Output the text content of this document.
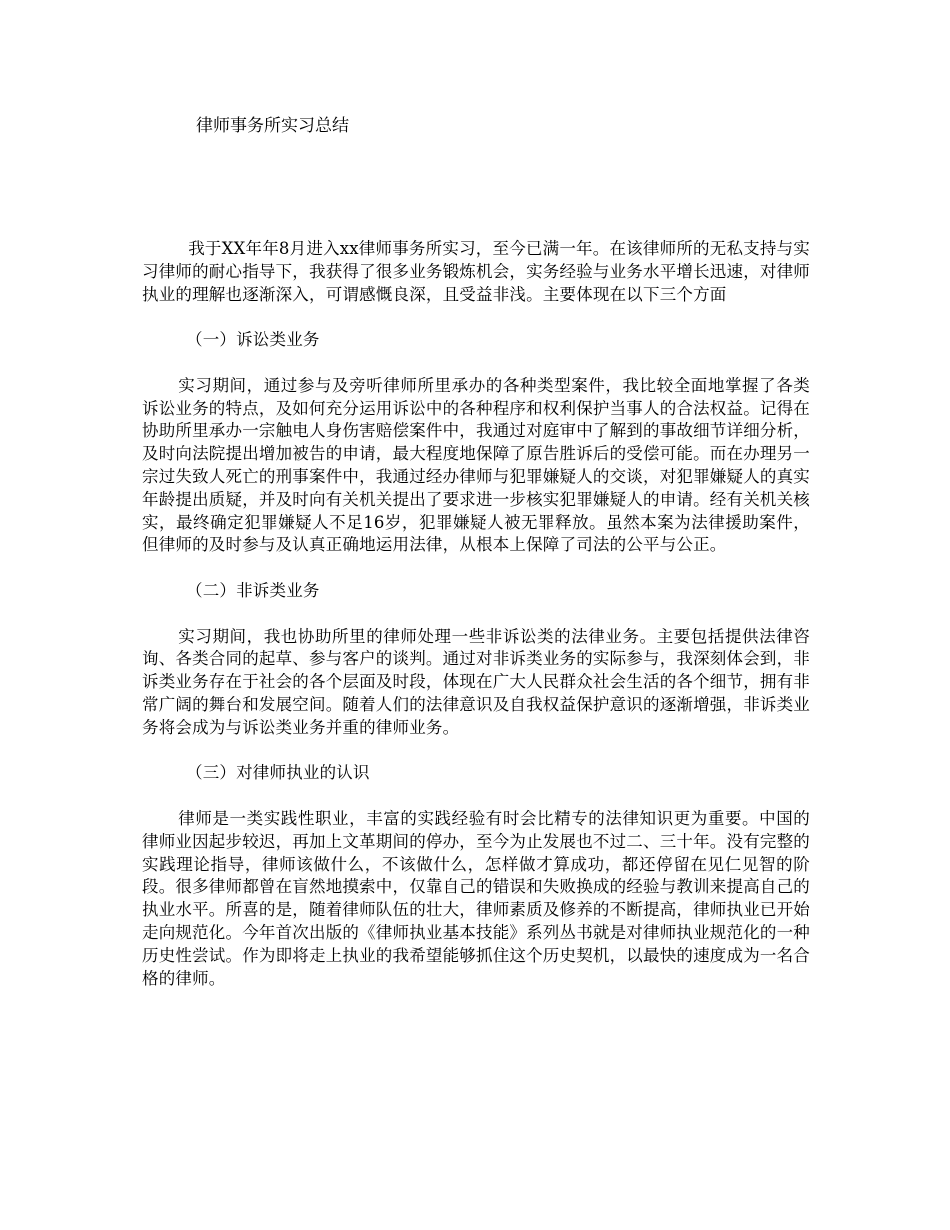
律师事务所实习总结

我于XX年年8月进入xx律师事务所实习，至今已满一年。在该律师所的无私支持与实习律师的耐心指导下，我获得了很多业务锻炼机会，实务经验与业务水平增长迅速，对律师执业的理解也逐渐深入，可谓感慨良深，且受益非浅。主要体现在以下三个方面

（一）诉讼类业务

实习期间，通过参与及旁听律师所里承办的各种类型案件，我比较全面地掌握了各类诉讼业务的特点，及如何充分运用诉讼中的各种程序和权利保护当事人的合法权益。记得在协助所里承办一宗触电人身伤害赔偿案件中，我通过对庭审中了解到的事故细节详细分析，及时向法院提出增加被告的申请，最大程度地保障了原告胜诉后的受偿可能。而在办理另一宗过失致人死亡的刑事案件中，我通过经办律师与犯罪嫌疑人的交谈，对犯罪嫌疑人的真实年龄提出质疑，并及时向有关机关提出了要求进一步核实犯罪嫌疑人的申请。经有关机关核实，最终确定犯罪嫌疑人不足16岁，犯罪嫌疑人被无罪释放。虽然本案为法律援助案件，但律师的及时参与及认真正确地运用法律，从根本上保障了司法的公平与公正。

（二）非诉类业务

实习期间，我也协助所里的律师处理一些非诉讼类的法律业务。主要包括提供法律咨询、各类合同的起草、参与客户的谈判。通过对非诉类业务的实际参与，我深刻体会到，非诉类业务存在于社会的各个层面及时段，体现在广大人民群众社会生活的各个细节，拥有非常广阔的舞台和发展空间。随着人们的法律意识及自我权益保护意识的逐渐增强，非诉类业务将会成为与诉讼类业务并重的律师业务。

（三）对律师执业的认识

律师是一类实践性职业，丰富的实践经验有时会比精专的法律知识更为重要。中国的律师业因起步较迟，再加上文革期间的停办，至今为止发展也不过二、三十年。没有完整的实践理论指导，律师该做什么，不该做什么，怎样做才算成功，都还停留在见仁见智的阶段。很多律师都曾在盲然地摸索中，仅靠自己的错误和失败换成的经验与教训来提高自己的执业水平。所喜的是，随着律师队伍的壮大，律师素质及修养的不断提高，律师执业已开始走向规范化。今年首次出版的《律师执业基本技能》系列丛书就是对律师执业规范化的一种历史性尝试。作为即将走上执业的我希望能够抓住这个历史契机，以最快的速度成为一名合格的律师。
